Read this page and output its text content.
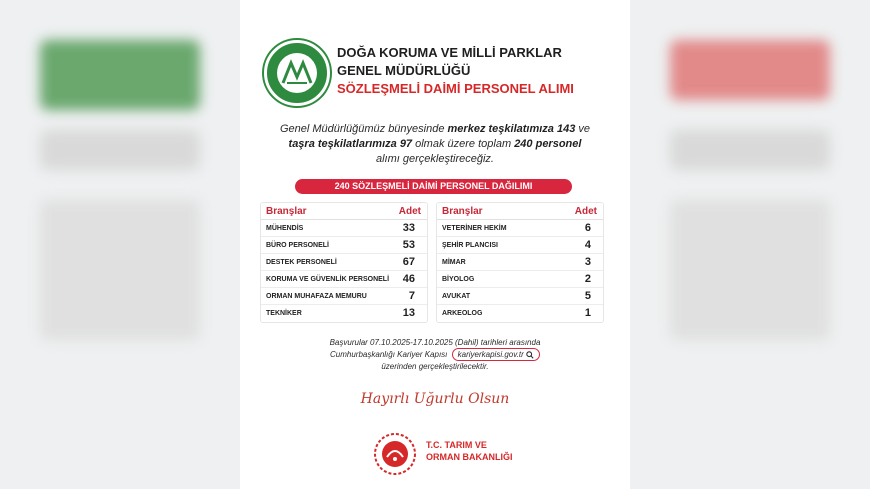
DOĞA KORUMA VE MİLLİ PARKLAR
GENEL MÜDÜRLÜĞÜ
SÖZLEŞMELİ DAİMİ PERSONEL ALIMI
Genel Müdürlüğümüz bünyesinde merkez teşkilatımıza 143 ve
taşra teşkilatlarımıza 97 olmak üzere toplam 240 personel
alımı gerçekleştireceğiz.
240 SÖZLEŞMELİ DAİMİ PERSONEL DAĞILIMI
Branşlar	Adet
MÜHENDİS	33
BÜRO PERSONELİ	53
DESTEK PERSONELİ	67
KORUMA VE GÜVENLİK PERSONELİ 46
ORMAN MUHAFAZA MEMURU	7
TEKNİKER	13
Branşlar	Adet
VETERİNER HEKİM	6
ŞEHİR PLANCISI	4
MİMAR	3
BİYOLOG	2
AVUKAT	5
ARKEOLOG	1
Başvurular 07.10.2025-17.10.2025 (Dahil) tarihleri arasında
Cumhurbaşkanlığı Kariyer Kapısı kariyerkapisi.gov.tr
üzerinden gerçekleştirilecektir.
Hayırlı Uğurlu Olsun
T.C. TARIM VE
ORMAN BAKANLIĞI
